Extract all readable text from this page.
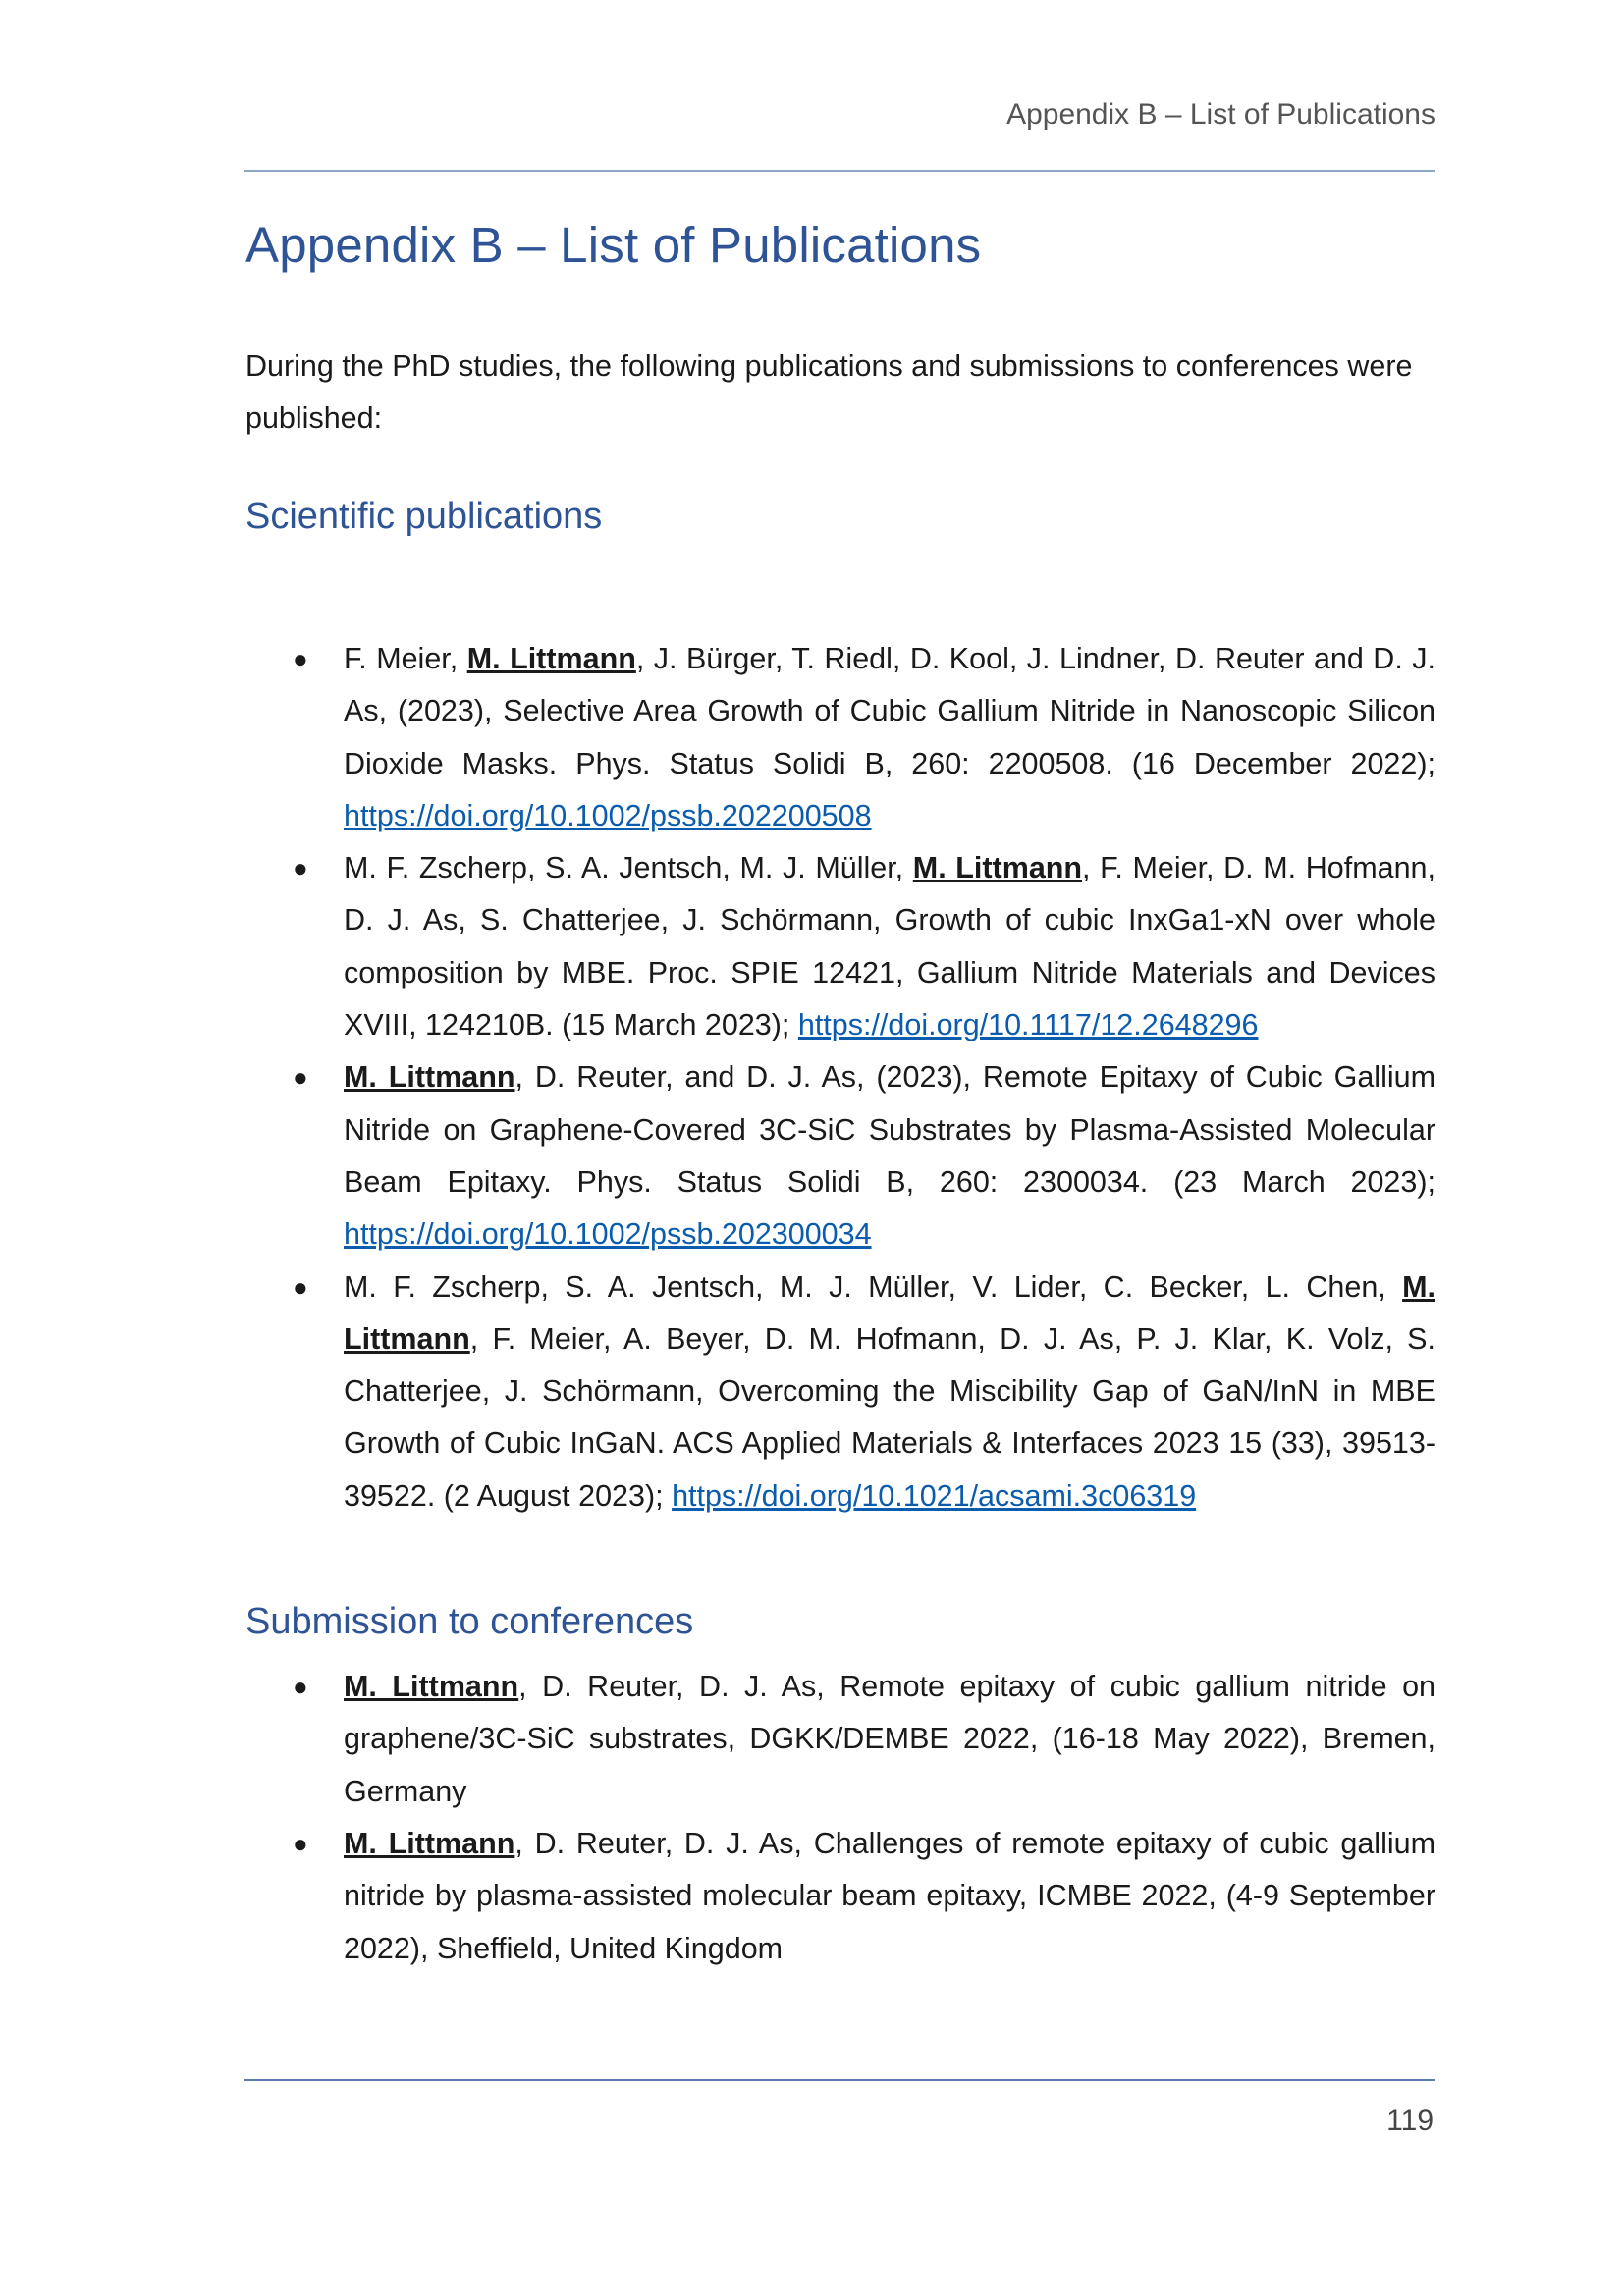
Appendix B – List of Publications
Appendix B – List of Publications

During the PhD studies, the following publications and submissions to conferences were published:

Scientific publications
● F. Meier, M. Littmann, J. Bürger, T. Riedl, D. Kool, J. Lindner, D. Reuter and D. J. As, (2023), Selective Area Growth of Cubic Gallium Nitride in Nanoscopic Silicon Dioxide Masks. Phys. Status Solidi B, 260: 2200508. (16 December 2022); https://doi.org/10.1002/pssb.202200508
● M. F. Zscherp, S. A. Jentsch, M. J. Müller, M. Littmann, F. Meier, D. M. Hofmann, D. J. As, S. Chatterjee, J. Schörmann, Growth of cubic InxGa1-xN over whole composition by MBE. Proc. SPIE 12421, Gallium Nitride Materials and Devices XVIII, 124210B. (15 March 2023); https://doi.org/10.1117/12.2648296
● M. Littmann, D. Reuter, and D. J. As, (2023), Remote Epitaxy of Cubic Gallium Nitride on Graphene-Covered 3C-SiC Substrates by Plasma-Assisted Molecular Beam Epitaxy. Phys. Status Solidi B, 260: 2300034. (23 March 2023); https://doi.org/10.1002/pssb.202300034
● M. F. Zscherp, S. A. Jentsch, M. J. Müller, V. Lider, C. Becker, L. Chen, M. Littmann, F. Meier, A. Beyer, D. M. Hofmann, D. J. As, P. J. Klar, K. Volz, S. Chatterjee, J. Schörmann, Overcoming the Miscibility Gap of GaN/InN in MBE Growth of Cubic InGaN. ACS Applied Materials & Interfaces 2023 15 (33), 39513-39522. (2 August 2023); https://doi.org/10.1021/acsami.3c06319
Submission to conferences
● M. Littmann, D. Reuter, D. J. As, Remote epitaxy of cubic gallium nitride on graphene/3C-SiC substrates, DGKK/DEMBE 2022, (16-18 May 2022), Bremen, Germany
● M. Littmann, D. Reuter, D. J. As, Challenges of remote epitaxy of cubic gallium nitride by plasma-assisted molecular beam epitaxy, ICMBE 2022, (4-9 September 2022), Sheffield, United Kingdom
119
